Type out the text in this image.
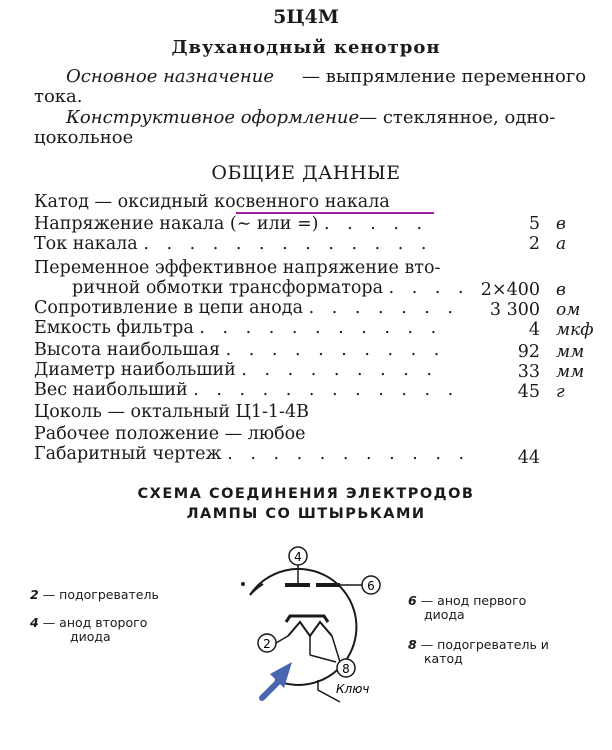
5Ц4М
Двуханодный кенотрон
Основное назначение — выпрямление переменного
тока.
Конструктивное оформление— стеклянное, одно-
цокольное
ОБЩИЕ ДАННЫЕ
Катод — оксидный косвенного накала
Напряжение накала (∼ или =) . . . . .	5 в
Ток накала . . . . . . . . . . . . .	2 а
Переменное эффективное напряжение вто-
ричной обмотки трансформатора . . . . 2×400 в
Сопротивление в цепи анода . . . . . . .	3 300 ом
Емкость фильтра . . . . . . . . . . .	4 мкф
Высота наибольшая . . . . . . . . . .	92 мм
Диаметр наибольший . . . . . . . . .	33 мм
Вес наибольший . . . . . . . . . . . .	45 г
Цоколь — октальный Ц1-1-4В
Рабочее положение — любое
Габаритный чертеж . . . . . . . . . . .	44
СХЕМА СОЕДИНЕНИЯ ЭЛЕКТРОДОВ
ЛАМПЫ СО ШТЫРЬКАМИ
2 — подогреватель
4 — анод второго
диода
6 — анод первого
диода
8 — подогреватель и
катод
4
6
2
8
Ключ
